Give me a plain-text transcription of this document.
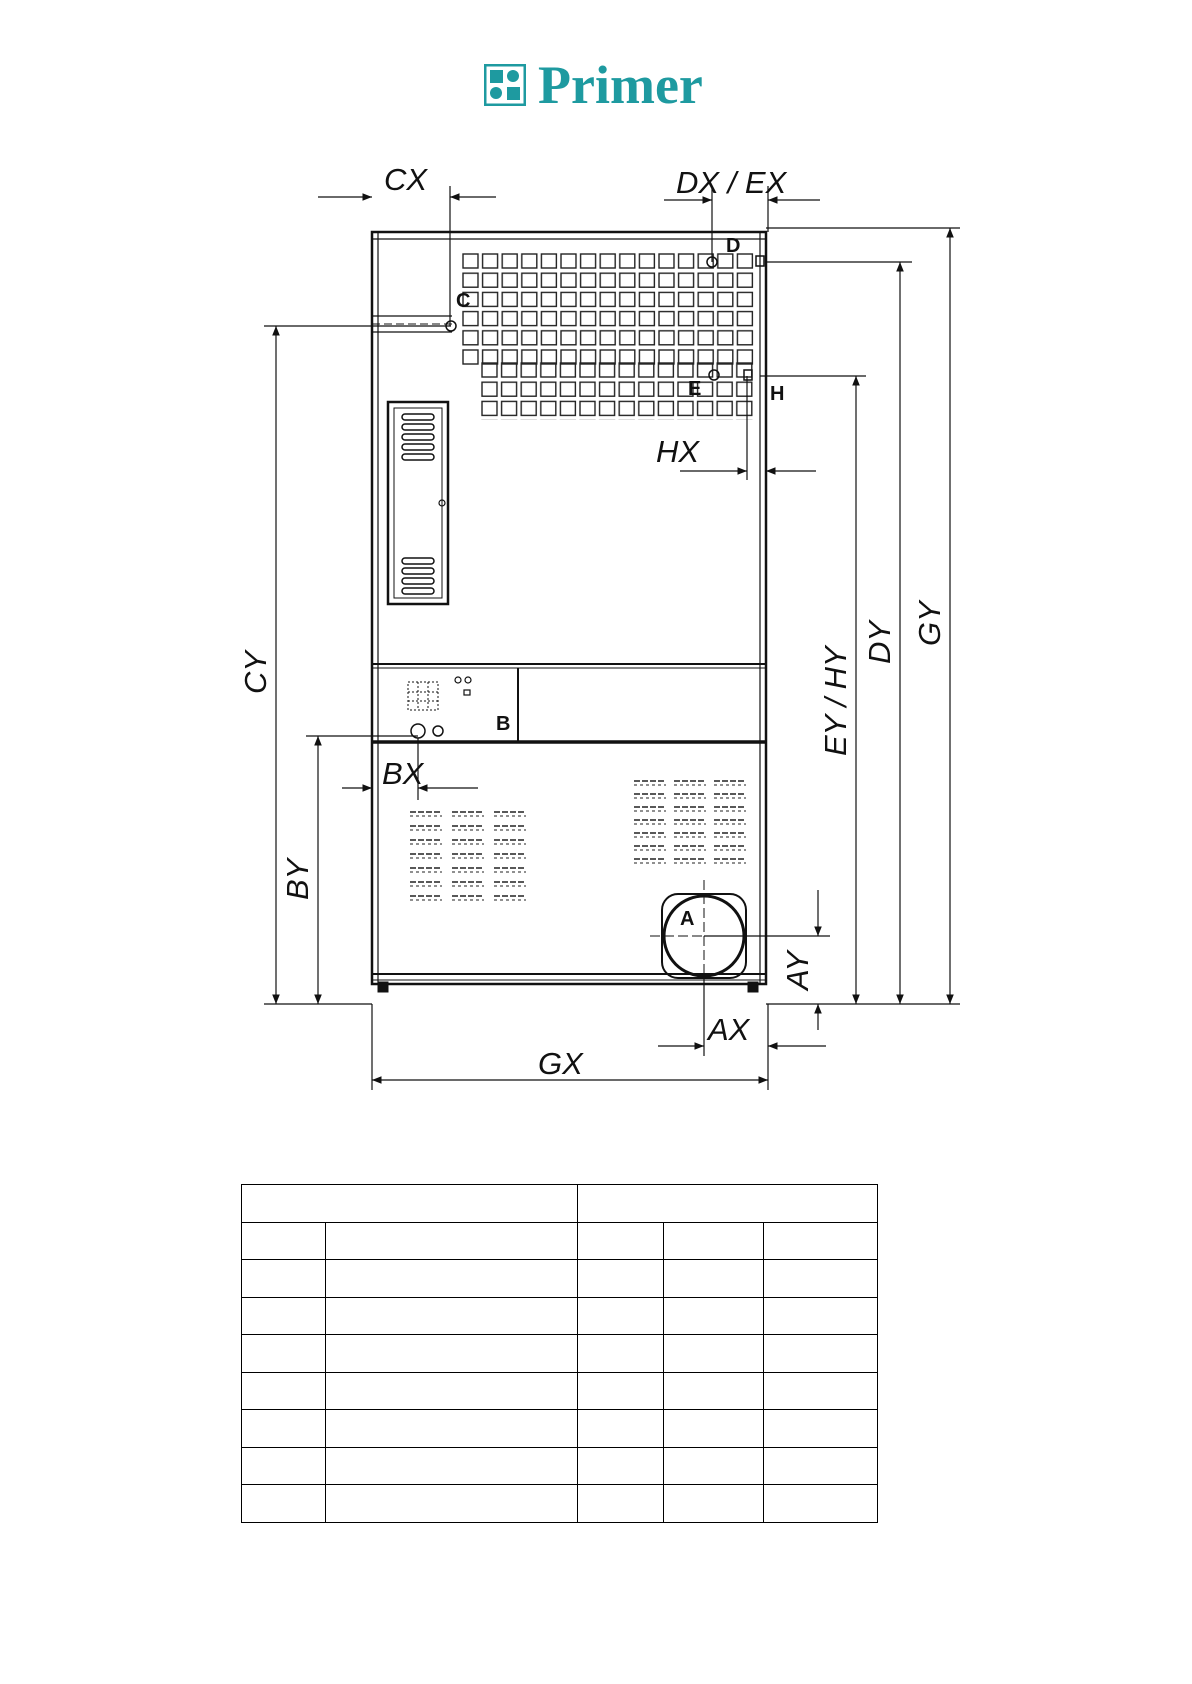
Primer
CX	DX / EX
HX
BX
AX
GX
CY
BY
EY / HY
DY GY
AY
A
B
C
D
E	H
